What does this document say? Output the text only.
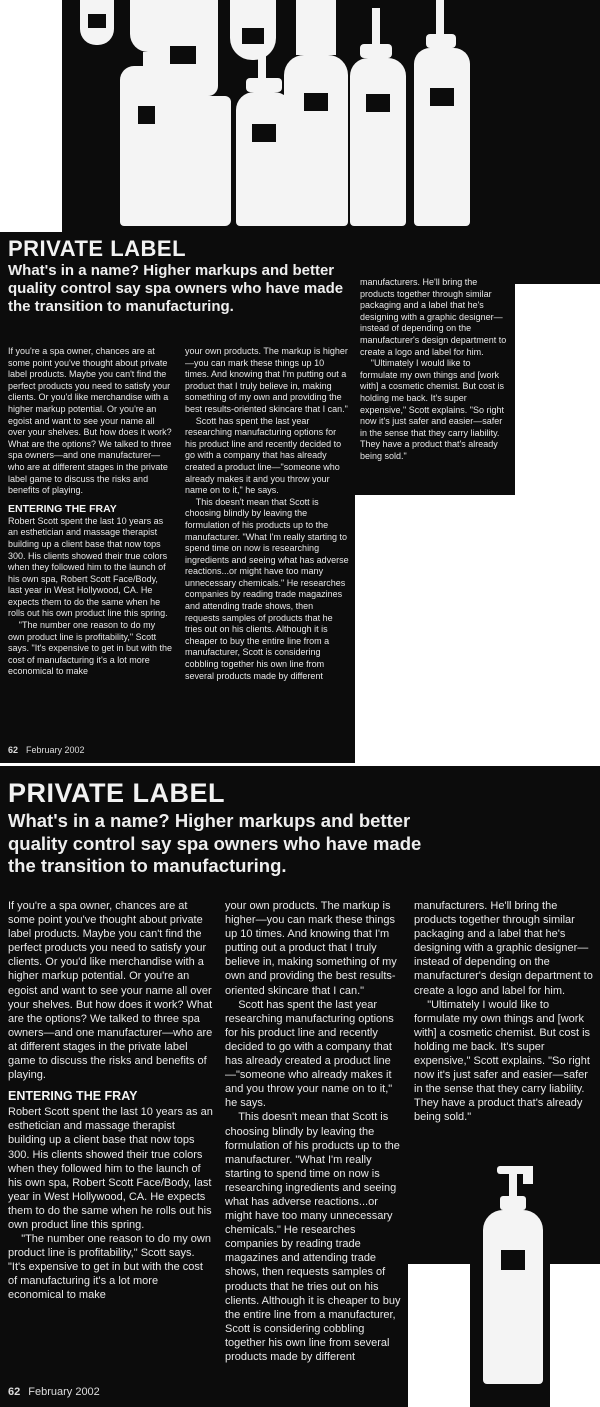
PRIVATE LABEL

What's in a name? Higher markups and better quality control say spa owners who have made the transition to manufacturing.

If you're a spa owner, chances are at some point you've thought about private label products. Maybe you can't find the perfect products you need to satisfy your clients. Or you'd like merchandise with a higher markup potential. Or you're an egoist and want to see your name all over your shelves. But how does it work? What are the options? We talked to three spa owners—and one manufacturer—who are at different stages in the private label game to discuss the risks and benefits of playing.

ENTERING THE FRAY

Robert Scott spent the last 10 years as an esthetician and massage therapist building up a client base that now tops 300. His clients showed their true colors when they followed him to the launch of his own spa, Robert Scott Face/Body, last year in West Hollywood, CA. He expects them to do the same when he rolls out his own product line this spring.

"The number one reason to do my own product line is profitability," Scott says. "It's expensive to get in but with the cost of manufacturing it's a lot more economical to make

your own products. The markup is higher—you can mark these things up 10 times. And knowing that I'm putting out a product that I truly believe in, making something of my own and providing the best results-oriented skincare that I can."

Scott has spent the last year researching manufacturing options for his product line and recently decided to go with a company that has already created a product line—"someone who already makes it and you throw your name on to it," he says.

This doesn't mean that Scott is choosing blindly by leaving the formulation of his products up to the manufacturer. "What I'm really starting to spend time on now is researching ingredients and seeing what has adverse reactions...or might have too many unnecessary chemicals." He researches companies by reading trade magazines and attending trade shows, then requests samples of products that he tries out on his clients. Although it is cheaper to buy the entire line from a manufacturer, Scott is considering cobbling together his own line from several products made by different

manufacturers. He'll bring the products together through similar packaging and a label that he's designing with a graphic designer—instead of depending on the manufacturer's design department to create a logo and label for him.

"Ultimately I would like to formulate my own things and [work with] a cosmetic chemist. But cost is holding me back. It's super expensive," Scott explains. "So right now it's just safer and easier—safer in the sense that they carry liability. They have a product that's already being sold."

62 February 2002
PRIVATE LABEL

What's in a name? Higher markups and better quality control say spa owners who have made the transition to manufacturing.

If you're a spa owner, chances are at some point you've thought about private label products. Maybe you can't find the perfect products you need to satisfy your clients. Or you'd like merchandise with a higher markup potential. Or you're an egoist and want to see your name all over your shelves. But how does it work? What are the options? We talked to three spa owners—and one manufacturer—who are at different stages in the private label game to discuss the risks and benefits of playing.

ENTERING THE FRAY

Robert Scott spent the last 10 years as an esthetician and massage therapist building up a client base that now tops 300. His clients showed their true colors when they followed him to the launch of his own spa, Robert Scott Face/Body, last year in West Hollywood, CA. He expects them to do the same when he rolls out his own product line this spring.

"The number one reason to do my own product line is profitability," Scott says. "It's expensive to get in but with the cost of manufacturing it's a lot more economical to make

your own products. The markup is higher—you can mark these things up 10 times. And knowing that I'm putting out a product that I truly believe in, making something of my own and providing the best results-oriented skincare that I can."

Scott has spent the last year researching manufacturing options for his product line and recently decided to go with a company that has already created a product line—"someone who already makes it and you throw your name on to it," he says.

This doesn't mean that Scott is choosing blindly by leaving the formulation of his products up to the manufacturer. "What I'm really starting to spend time on now is researching ingredients and seeing what has adverse reactions...or might have too many unnecessary chemicals." He researches companies by reading trade magazines and attending trade shows, then requests samples of products that he tries out on his clients. Although it is cheaper to buy the entire line from a manufacturer, Scott is considering cobbling together his own line from several products made by different

manufacturers. He'll bring the products together through similar packaging and a label that he's designing with a graphic designer—instead of depending on the manufacturer's design department to create a logo and label for him.

"Ultimately I would like to formulate my own things and [work with] a cosmetic chemist. But cost is holding me back. It's super expensive," Scott explains. "So right now it's just safer and easier—safer in the sense that they carry liability. They have a product that's already being sold."

62 February 2002
